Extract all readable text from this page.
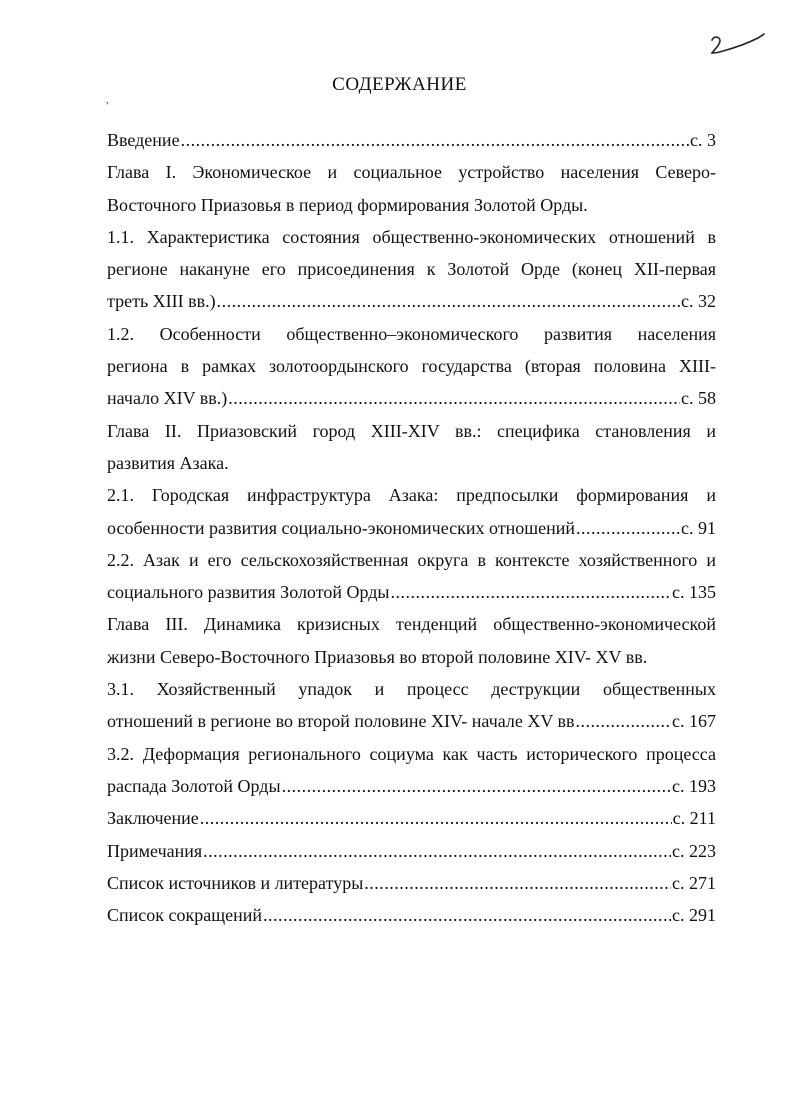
СОДЕРЖАНИЕ
,
Введение .....	с. 3
Глава I. Экономическое и социальное устройство населения Северо-
Восточного Приазовья в период формирования Золотой Орды.
1.1. Характеристика состояния общественно-экономических отношений в
регионе накануне его присоединения к Золотой Орде (конец XII-первая
треть XIII вв.) .....	с. 32
1.2. Особенности общественно–экономического развития населения
региона в рамках золотоордынского государства (вторая половина XIII-
начало XIV вв.) .....	с. 58
Глава II. Приазовский город XIII-XIV вв.: специфика становления и
развития Азака.
2.1. Городская инфраструктура Азака: предпосылки формирования и
особенности развития социально-экономических отношений .....	с. 91
2.2. Азак и его сельскохозяйственная округа в контексте хозяйственного и
социального развития Золотой Орды .....	с. 135
Глава III. Динамика кризисных тенденций общественно-экономической
жизни Северо-Восточного Приазовья во второй половине XIV- XV вв.
3.1. Хозяйственный упадок и процесс деструкции общественных
отношений в регионе во второй половине XIV- начале XV вв .....	с. 167
3.2. Деформация регионального социума как часть исторического процесса
распада Золотой Орды .....	с. 193
Заключение .....	с. 211
Примечания .....	с. 223
Список источников и литературы .....	с. 271
Список сокращений .....	с. 291
